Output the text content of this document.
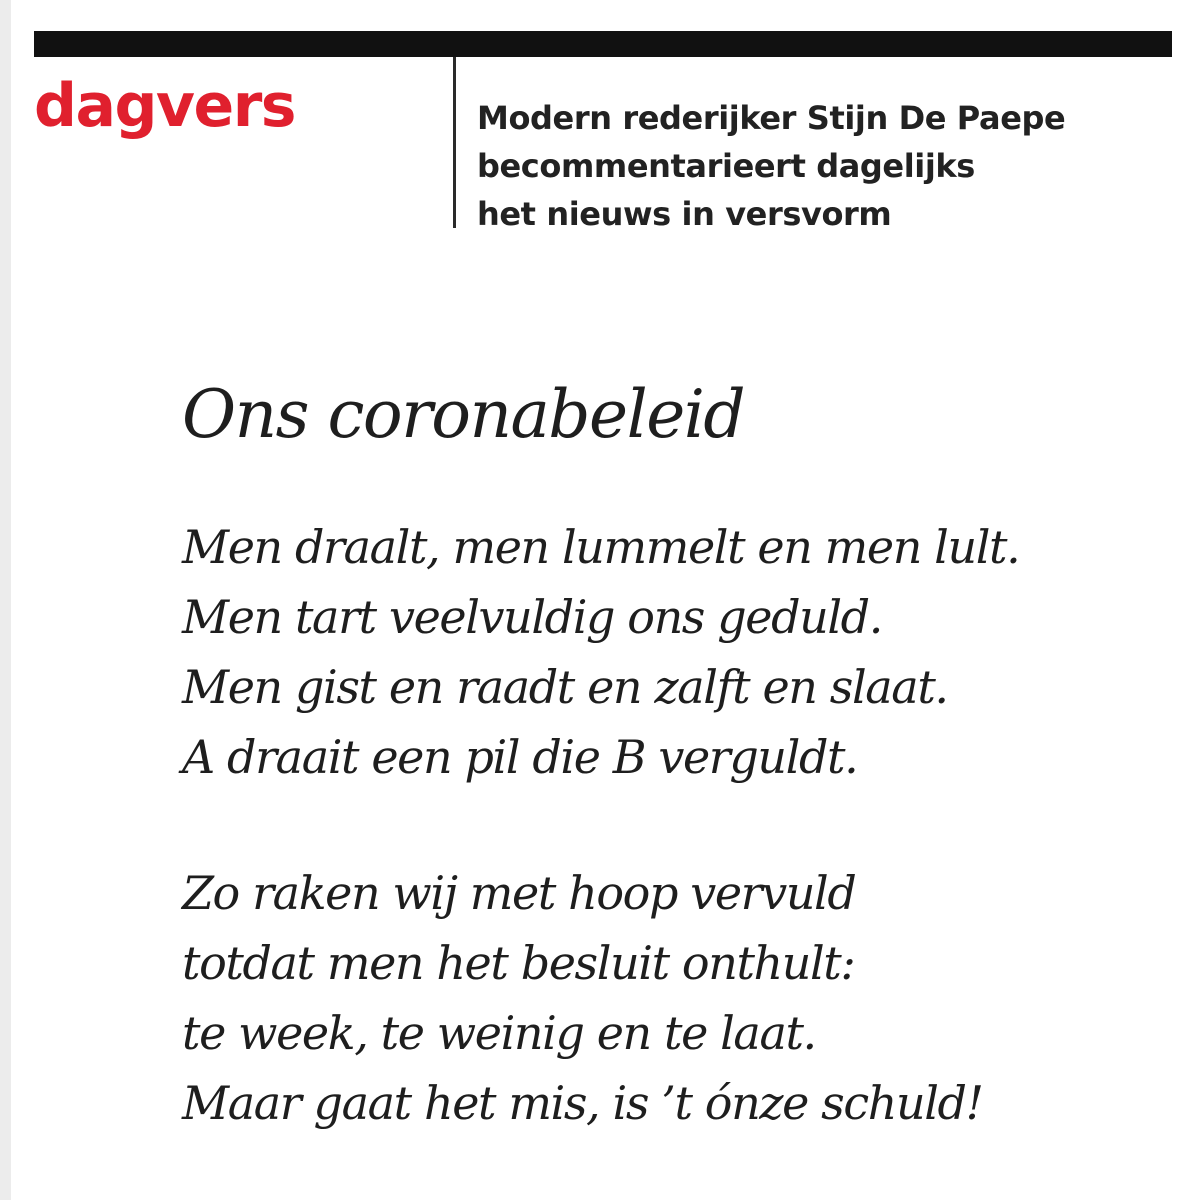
dagvers	Modern rederijker Stijn De Paepe
becommentarieert dagelijks
het nieuws in versvorm
Ons coronabeleid
Men draalt, men lummelt en men lult.
Men tart veelvuldig ons geduld.
Men gist en raadt en zalft en slaat.
A draait een pil die B verguldt.
Zo raken wij met hoop vervuld
totdat men het besluit onthult:
te week, te weinig en te laat.
Maar gaat het mis, is ’t ónze schuld!
